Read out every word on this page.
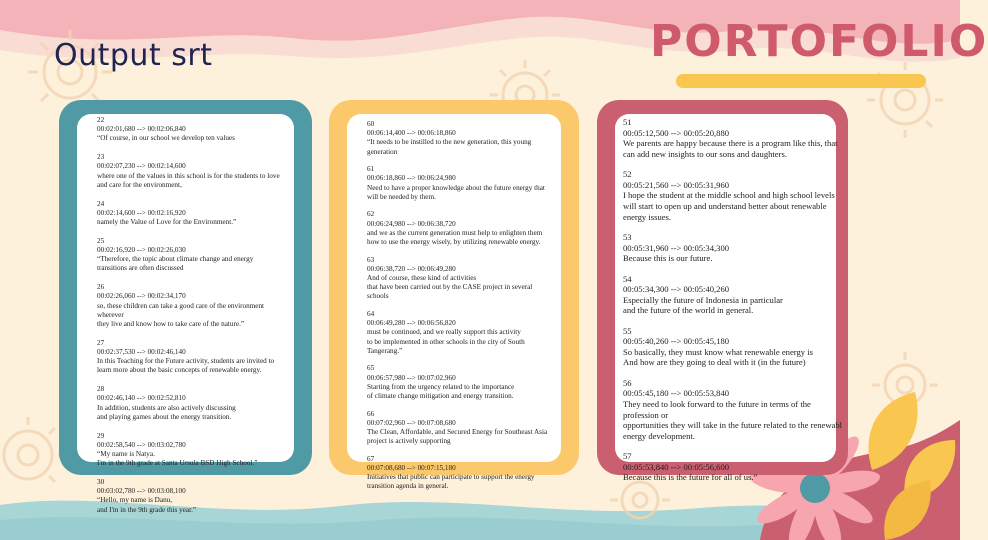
Output srt	PORTOFOLIO
22
00:02:01,680 --> 00:02:06,840
“Of course, in our school we develop ten values
23
00:02:07,230 --> 00:02:14,600
where one of the values in this school is for the students to love
and care for the environment,
24
00:02:14,600 --> 00:02:16,920
namely the Value of Love for the Environment.”
25
00:02:16,920 --> 00:02:26,030
“Therefore, the topic about climate change and energy
transitions are often discussed
26
00:02:26,060 --> 00:02:34,170
so, these children can take a good care of the environment
wherever
they live and know how to take care of the nature.”
27
00:02:37,530 --> 00:02:46,140
In this Teaching for the Future activity, students are invited to
learn more about the basic concepts of renewable energy.
28
00:02:46,140 --> 00:02:52,810
In addition, students are also actively discussing
and playing games about the energy transition.
29
00:02:58,540 --> 00:03:02,780
“My name is Natya.
I'm in the 9th grade at Santa Ursula BSD High School.”
30
00:03:02,780 --> 00:03:08,100
“Hello, my name is Danu,
and I'm in the 9th grade this year.”
60
00:06:14,400 --> 00:06:18,860
“It needs to be instilled to the new generation, this young
generation
61
00:06:18,860 --> 00:06:24,980
Need to have a proper knowledge about the future energy that
will be needed by them.
62
00:06:24,980 --> 00:06:38,720
and we as the current generation must help to enlighten them
how to use the energy wisely, by utilizing renewable energy.
63
00:06:38,720 --> 00:06:49,280
And of course, these kind of activities
that have been carried out by the CASE project in several
schools
64
00:06:49,280 --> 00:06:56,820
must be continued, and we really support this activity
to be implemented in other schools in the city of South
Tangerang.”
65
00:06:57,980 --> 00:07:02,960
Starting from the urgency related to the importance
of climate change mitigation and energy transition.
66
00:07:02,960 --> 00:07:08,680
The Clean, Affordable, and Secured Energy for Southeast Asia
project is actively supporting
67
00:07:08,680 --> 00:07:15,180
Initiatives that public can participate to support the energy
transition agenda in general.
51
00:05:12,500 --> 00:05:20,880
We parents are happy because there is a program like this, that
can add new insights to our sons and daughters.
52
00:05:21,560 --> 00:05:31,960
I hope the student at the middle school and high school levels
will start to open up and understand better about renewable
energy issues.
53
00:05:31,960 --> 00:05:34,300
Because this is our future.
54
00:05:34,300 --> 00:05:40,260
Especially the future of Indonesia in particular
and the future of the world in general.
55
00:05:40,260 --> 00:05:45,180
So basically, they must know what renewable energy is
And how are they going to deal with it (in the future)
56
00:05:45,180 --> 00:05:53,840
They need to look forward to the future in terms of the
profession or
opportunities they will take in the future related to the renewabl
energy development.
57
00:05:53,840 --> 00:05:56,600
Because this is the future for all of us.”
